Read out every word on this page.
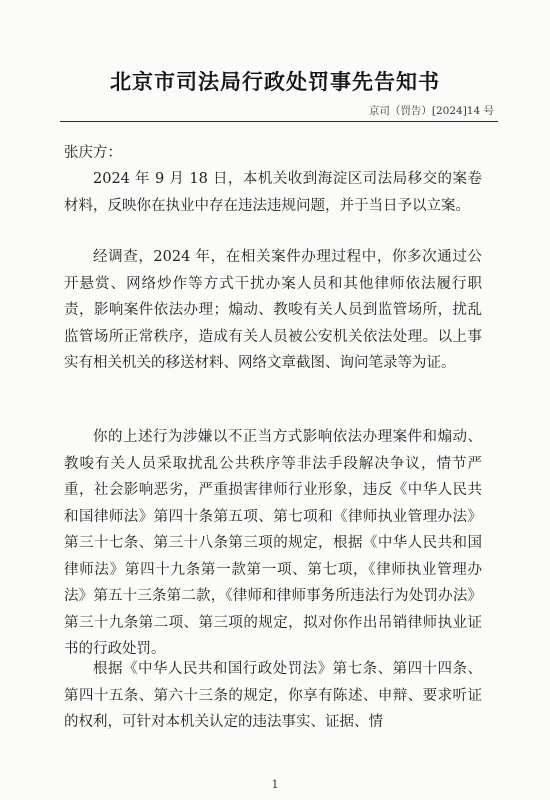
北京市司法局行政处罚事先告知书
京司（罚告）[2024]14 号
张庆方：

2024 年 9 月 18 日，本机关收到海淀区司法局移交的案卷材料，反映你在执业中存在违法违规问题，并于当日予以立案。

经调查，2024 年，在相关案件办理过程中，你多次通过公开悬赏、网络炒作等方式干扰办案人员和其他律师依法履行职责，影响案件依法办理；煽动、教唆有关人员到监管场所，扰乱监管场所正常秩序，造成有关人员被公安机关依法处理。以上事实有相关机关的移送材料、网络文章截图、询问笔录等为证。

你的上述行为涉嫌以不正当方式影响依法办理案件和煽动、教唆有关人员采取扰乱公共秩序等非法手段解决争议，情节严重，社会影响恶劣，严重损害律师行业形象，违反《中华人民共和国律师法》第四十条第五项、第七项和《律师执业管理办法》第三十七条、第三十八条第三项的规定，根据《中华人民共和国律师法》第四十九条第一款第一项、第七项，《律师执业管理办法》第五十三条第二款，《律师和律师事务所违法行为处罚办法》第三十九条第二项、第三项的规定，拟对你作出吊销律师执业证书的行政处罚。

根据《中华人民共和国行政处罚法》第七条、第四十四条、第四十五条、第六十三条的规定，你享有陈述、申辩、要求听证的权利，可针对本机关认定的违法事实、证据、情

1
